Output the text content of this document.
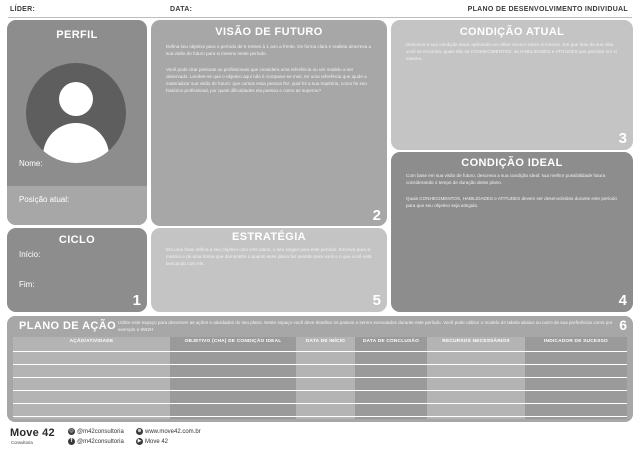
LÍDER:	DATA:	PLANO DE DESENVOLVIMENTO INDIVIDUAL
PERFIL
Nome:
Posição atual:
CICLO
Início:
Fim:
1
VISÃO DE FUTURO
Defina seu objetivo para o período de 6 meses à 1 ano a frente. De forma clara e realista descreva a sua visão de futuro para si mesmo neste período.
Você pode citar pessoas ou profissionais que considera uma referência ou um modelo a ser observado. Lembre-se que o objetivo aqui não é comparar-se mas, ter uma referência que ajude a materializar sua visão de futuro: que cursos essa pessoa fez, qual foi a sua trajetória, como foi seu histórico profissional, por quais dificuldades ela passou e como as superou?
2
ESTRATÉGIA
Em uma frase defina a seu objetivo com este plano, o seu slogan para este período. Escreva para si mesmo e de uma forma que demonstre o quanto esse plano faz sentido para você e o que você está buscando com ele.
5
CONDIÇÃO ATUAL
Descreva a sua condição atual, aplicando um olhar sincero sobre si mesmo. Em que fase da sua vida você se encontra, quais são os CONHECIMENTOS, as HABILIDADES e ATITUDES que percebe em si mesmo.
3
CONDIÇÃO IDEAL
Com base em sua visão de futuro, descreva a sua condição ideal: sua melhor possibilidade futura considerando o tempo de duração deste plano.
Quais CONHECIMENTOS, HABILIDADES e ATITUDES devem ser desenvolvidos durante este período para que seu objetivo seja atingido.
4
PLANO DE AÇÃO Utilize este espaço para descrever as ações e atividades do seu plano. Neste espaço você deve detalhar os passos a serem executados durante este período. Você pode utilizar o modelo de tabela abaixo ou outro de sua preferência como por exemplo o 5W2H	6
AÇÃO/ATIVIDADE	OBJETIVO (CHA) DE CONDIÇÃO IDEAL	DATA DE INÍCIO	DATA DE CONCLUSÃO	RECURSOS NECESSÁRIOS	INDICADOR DE SUCESSO
Move 42
Consultoria
◎ @m42consultoria
f @m42consultoria
⊕ www.move42.com.br
▶ Move 42
